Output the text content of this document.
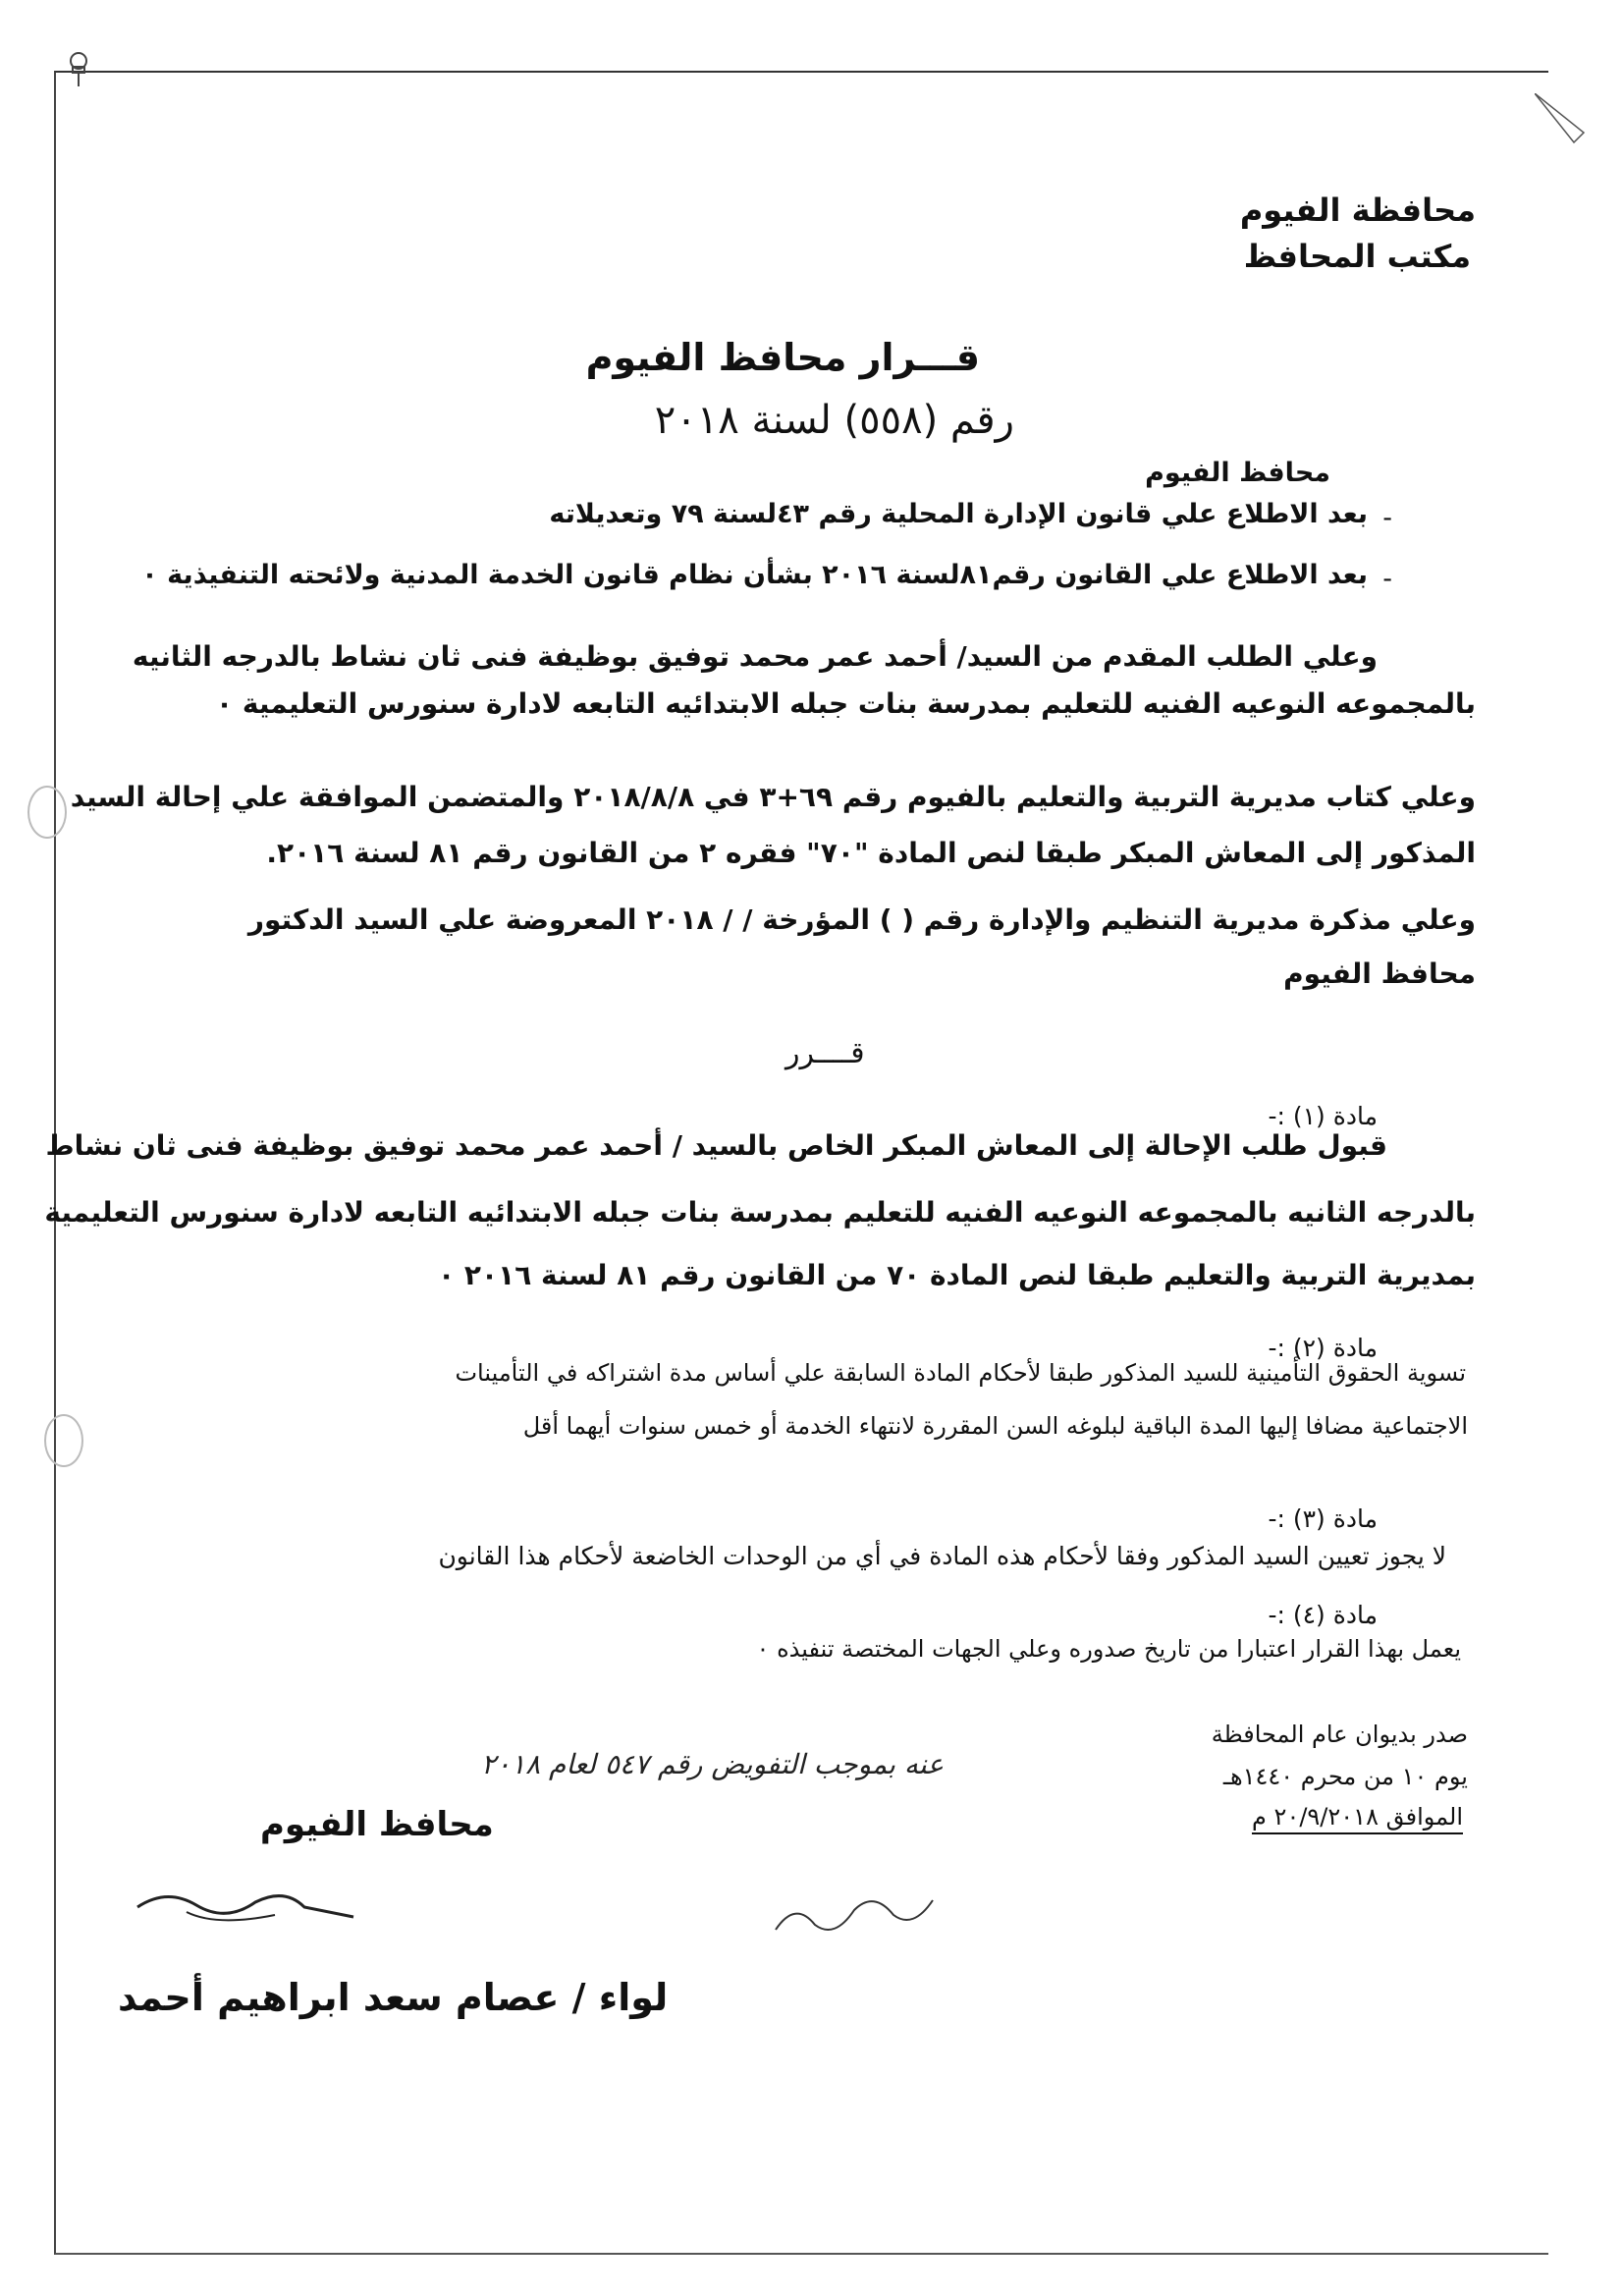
محافظة الفيوم
مكتب المحافظ
قـــرار محافظ الفيوم
رقم (٥٥٨) لسنة ٢٠١٨
محافظ الفيوم
-
بعد الاطلاع علي قانون الإدارة المحلية رقم ٤٣لسنة ٧٩ وتعديلاته
-
بعد الاطلاع علي القانون رقم٨١لسنة ٢٠١٦ بشأن نظام قانون الخدمة المدنية ولائحته التنفيذية ٠
وعلي الطلب المقدم من السيد/ أحمد عمر محمد توفيق بوظيفة فنى ثان نشاط بالدرجه الثانيه
بالمجموعه النوعيه الفنيه للتعليم بمدرسة بنات جبله الابتدائيه التابعه لادارة سنورس التعليمية ٠
وعلي كتاب مديرية التربية والتعليم بالفيوم رقم ٦٩+٣ في ٢٠١٨/٨/٨ والمتضمن الموافقة علي إحالة السيد
المذكور إلى المعاش المبكر طبقا لنص المادة "٧٠" فقره ٢ من القانون رقم ٨١ لسنة ٢٠١٦.
وعلي مذكرة مديرية التنظيم والإدارة رقم ( ) المؤرخة / / ٢٠١٨ المعروضة علي السيد الدكتور
محافظ الفيوم
قــــرر
مادة (١) :-
قبول طلب الإحالة إلى المعاش المبكر الخاص بالسيد / أحمد عمر محمد توفيق بوظيفة فنى ثان نشاط
بالدرجه الثانيه بالمجموعه النوعيه الفنيه للتعليم بمدرسة بنات جبله الابتدائيه التابعه لادارة سنورس التعليمية
بمديرية التربية والتعليم طبقا لنص المادة ٧٠ من القانون رقم ٨١ لسنة ٢٠١٦ ٠
مادة (٢) :-
تسوية الحقوق التأمينية للسيد المذكور طبقا لأحكام المادة السابقة علي أساس مدة اشتراكه في التأمينات
الاجتماعية مضافا إليها المدة الباقية لبلوغه السن المقررة لانتهاء الخدمة أو خمس سنوات أيهما أقل
مادة (٣) :-
لا يجوز تعيين السيد المذكور وفقا لأحكام هذه المادة في أي من الوحدات الخاضعة لأحكام هذا القانون
مادة (٤) :-
يعمل بهذا القرار اعتبارا من تاريخ صدوره وعلي الجهات المختصة تنفيذه ٠
صدر بديوان عام المحافظة
يوم ١٠ من محرم ١٤٤٠هـ
الموافق ٢٠/٩/٢٠١٨ م
عنه بموجب التفويض رقم ٥٤٧ لعام ٢٠١٨
محافظ الفيوم
لواء / عصام سعد ابراهيم أحمد
